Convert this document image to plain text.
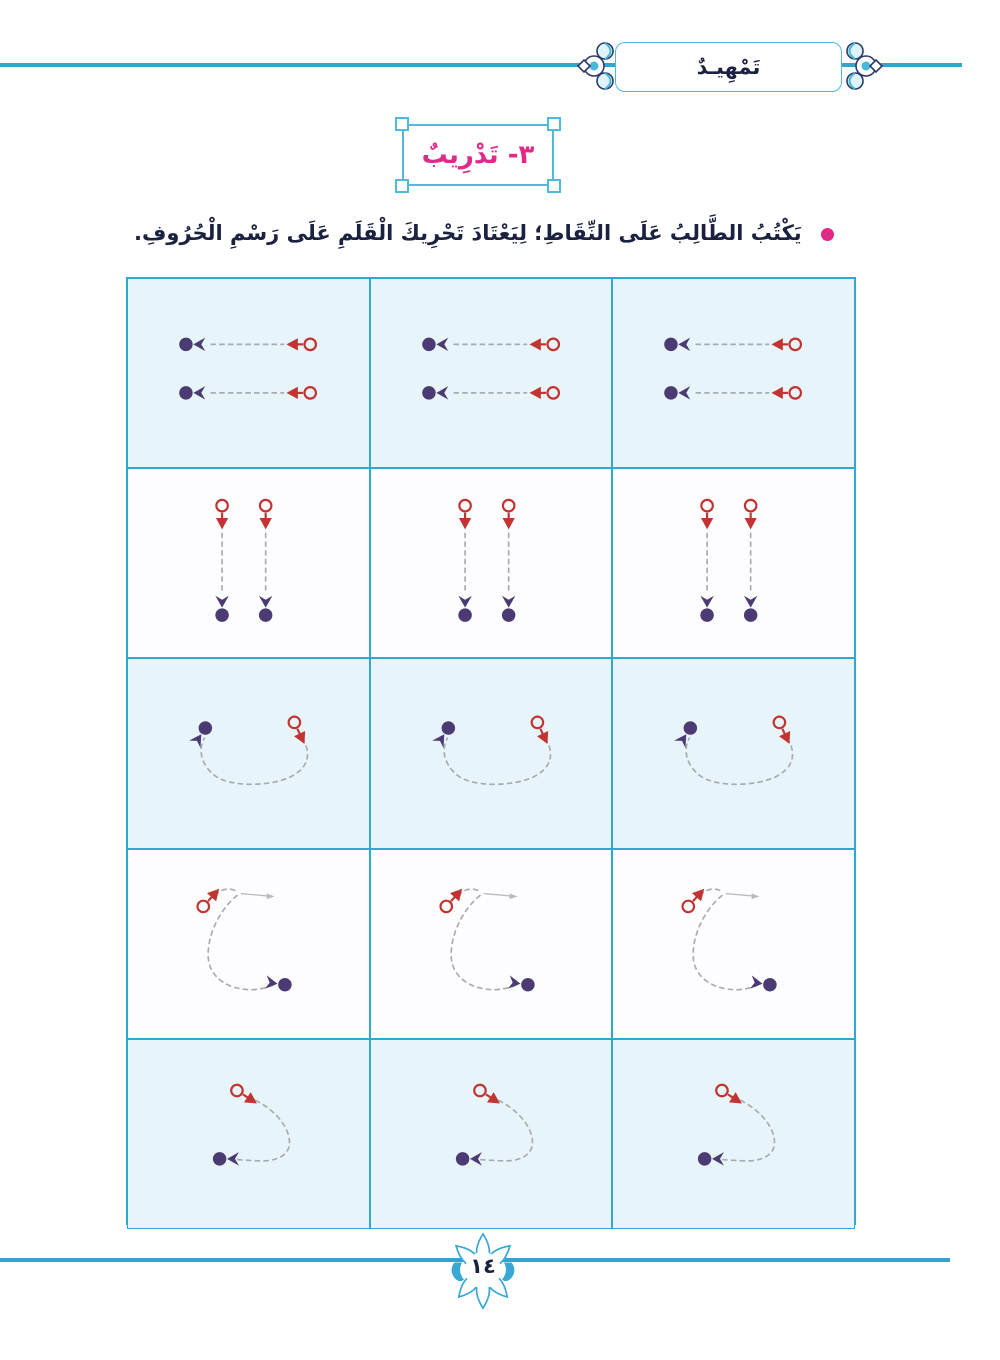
تَمْهِيـدٌ
٣- تَدْرِيبٌ
يَكْتُبُ الطَّالِبُ عَلَى النِّقَاطِ؛ لِيَعْتَادَ تَحْرِيكَ الْقَلَمِ عَلَى رَسْمِ الْحُرُوفِ.
١٤
